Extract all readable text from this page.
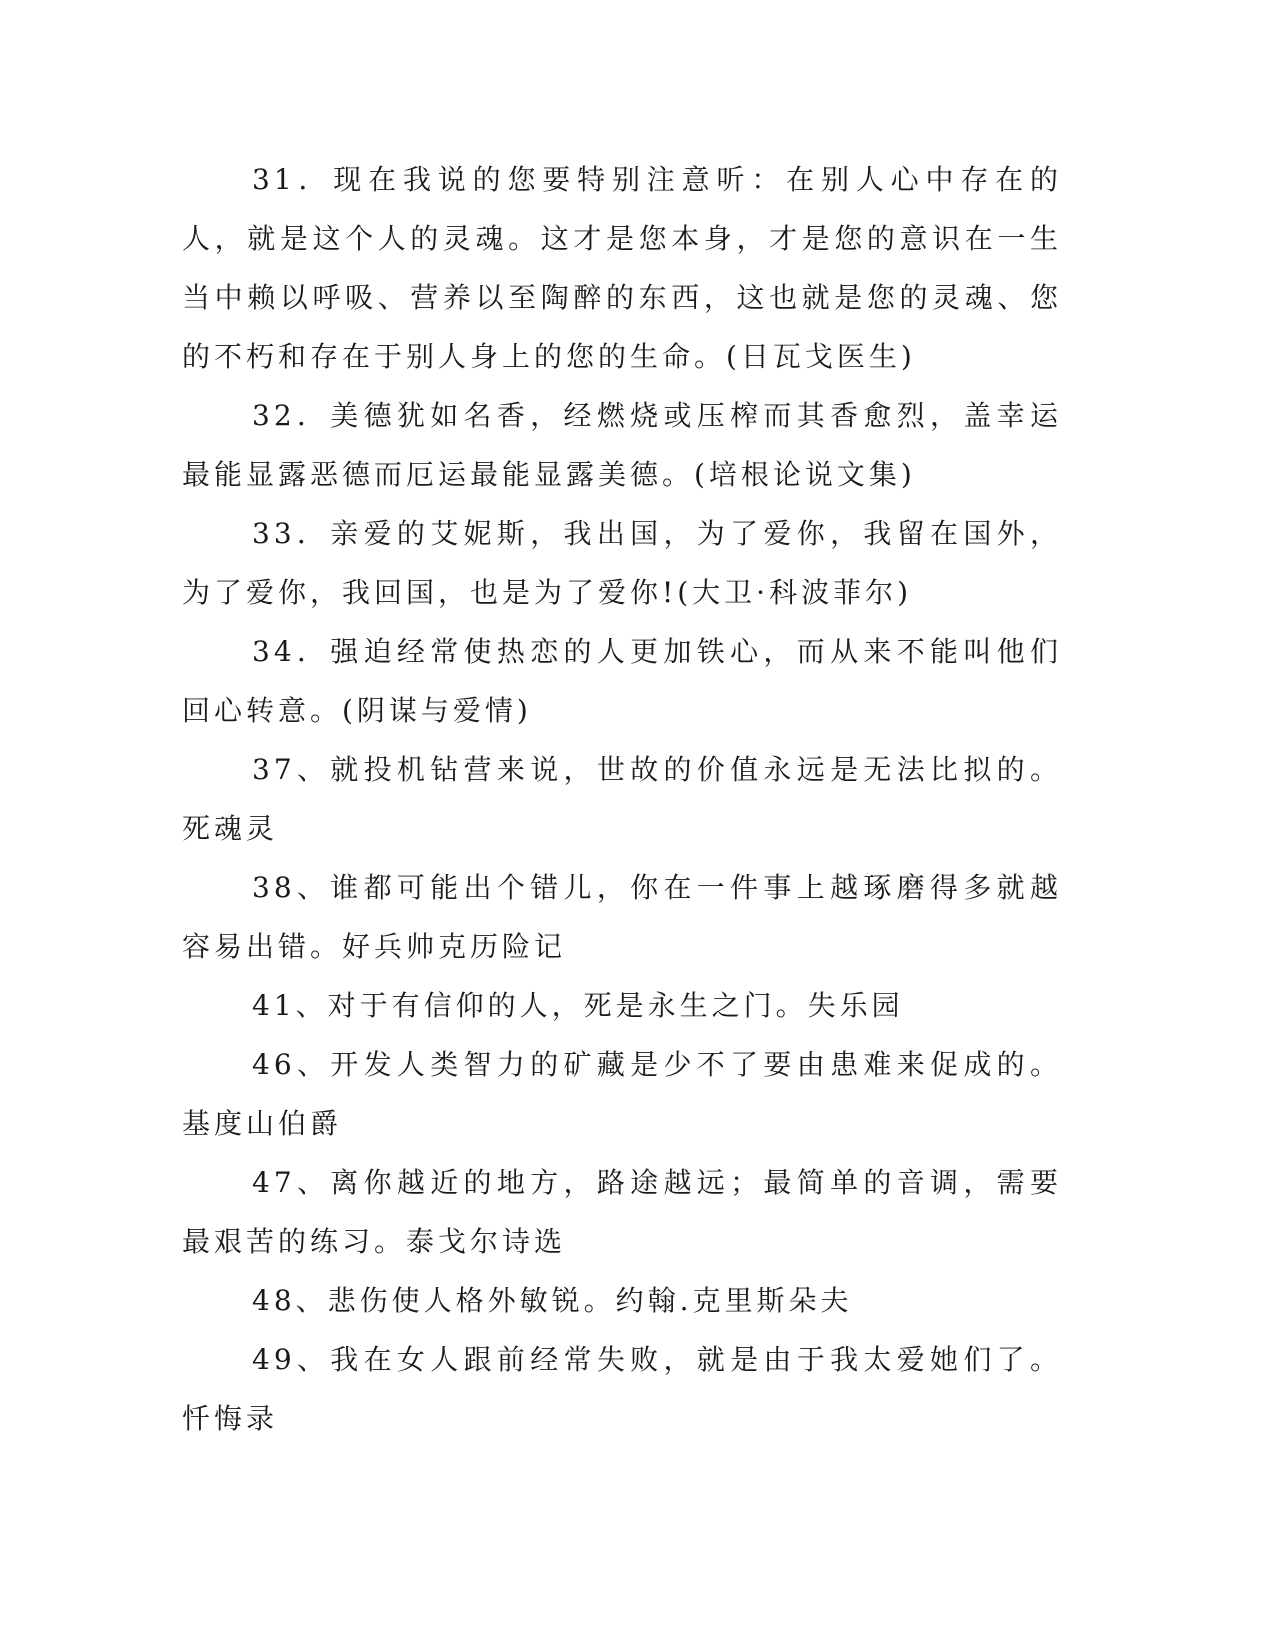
31．现在我说的您要特别注意听：在别人心中存在的人，就是这个人的灵魂。这才是您本身，才是您的意识在一生当中赖以呼吸、营养以至陶醉的东西，这也就是您的灵魂、您的不朽和存在于别人身上的您的生命。(日瓦戈医生)

32．美德犹如名香，经燃烧或压榨而其香愈烈，盖幸运最能显露恶德而厄运最能显露美德。(培根论说文集)

33．亲爱的艾妮斯，我出国，为了爱你，我留在国外，为了爱你，我回国，也是为了爱你!(大卫·科波菲尔)

34．强迫经常使热恋的人更加铁心，而从来不能叫他们回心转意。(阴谋与爱情)

37、就投机钻营来说，世故的价值永远是无法比拟的。死魂灵

38、谁都可能出个错儿，你在一件事上越琢磨得多就越容易出错。好兵帅克历险记

41、对于有信仰的人，死是永生之门。失乐园

46、开发人类智力的矿藏是少不了要由患难来促成的。基度山伯爵

47、离你越近的地方，路途越远；最简单的音调，需要最艰苦的练习。泰戈尔诗选

48、悲伤使人格外敏锐。约翰.克里斯朵夫

49、我在女人跟前经常失败，就是由于我太爱她们了。忏悔录
